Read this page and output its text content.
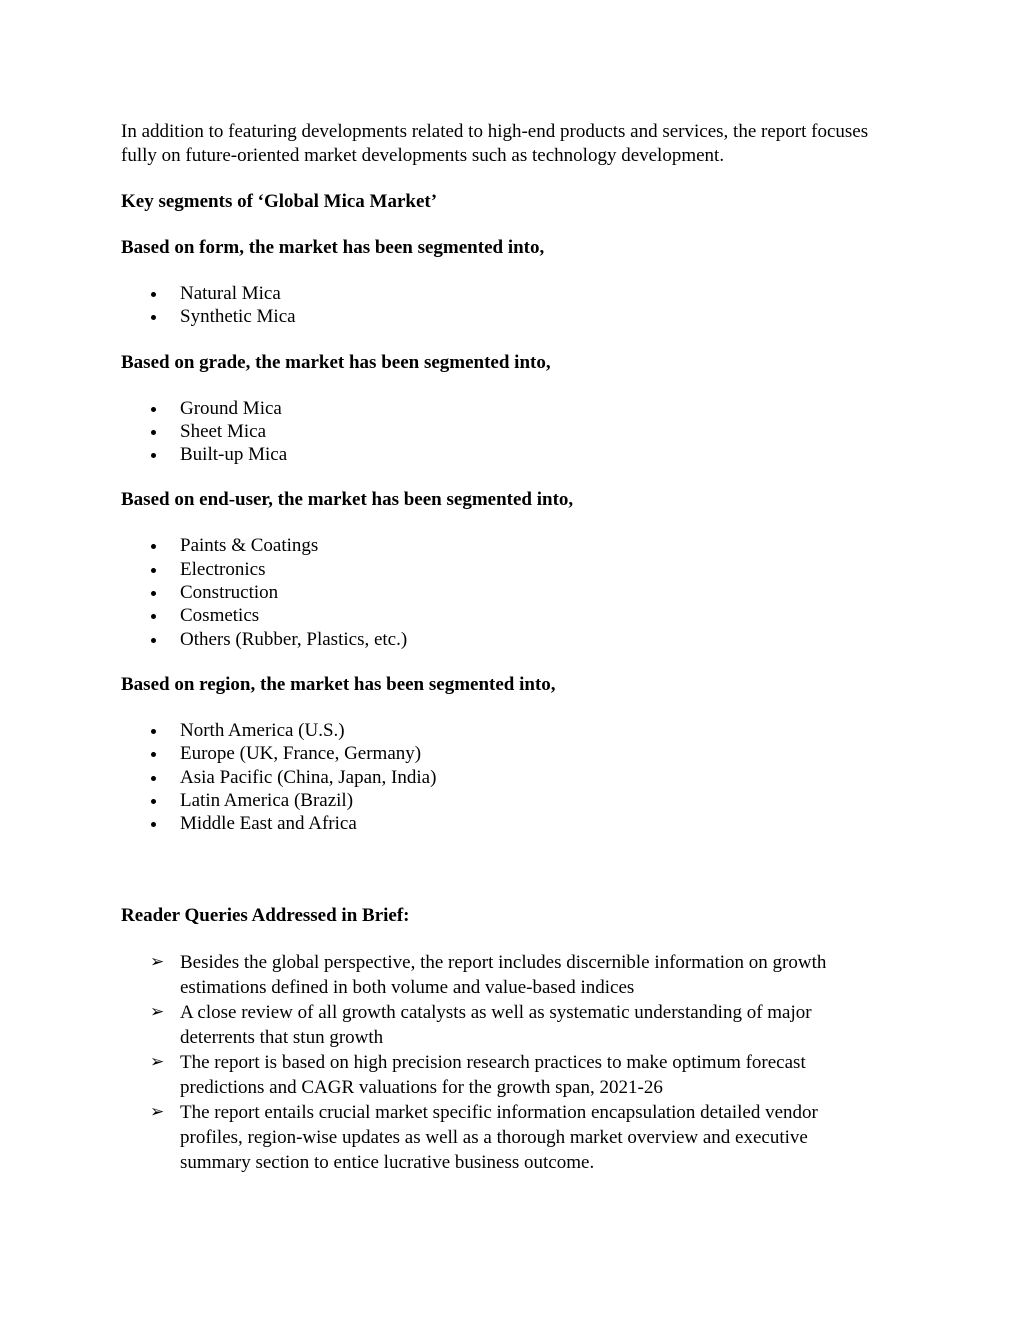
In addition to featuring developments related to high-end products and services, the report focuses fully on future-oriented market developments such as technology development.

Key segments of ‘Global Mica Market’

Based on form, the market has been segmented into,

Natural Mica
Synthetic Mica

Based on grade, the market has been segmented into,

Ground Mica
Sheet Mica
Built-up Mica

Based on end-user, the market has been segmented into,

Paints & Coatings
Electronics
Construction
Cosmetics
Others (Rubber, Plastics, etc.)

Based on region, the market has been segmented into,

North America (U.S.)
Europe (UK, France, Germany)
Asia Pacific (China, Japan, India)
Latin America (Brazil)
Middle East and Africa

Reader Queries Addressed in Brief:

➢ Besides the global perspective, the report includes discernible information on growth estimations defined in both volume and value-based indices
➢ A close review of all growth catalysts as well as systematic understanding of major deterrents that stun growth
➢ The report is based on high precision research practices to make optimum forecast predictions and CAGR valuations for the growth span, 2021-26
➢ The report entails crucial market specific information encapsulation detailed vendor profiles, region-wise updates as well as a thorough market overview and executive summary section to entice lucrative business outcome.
